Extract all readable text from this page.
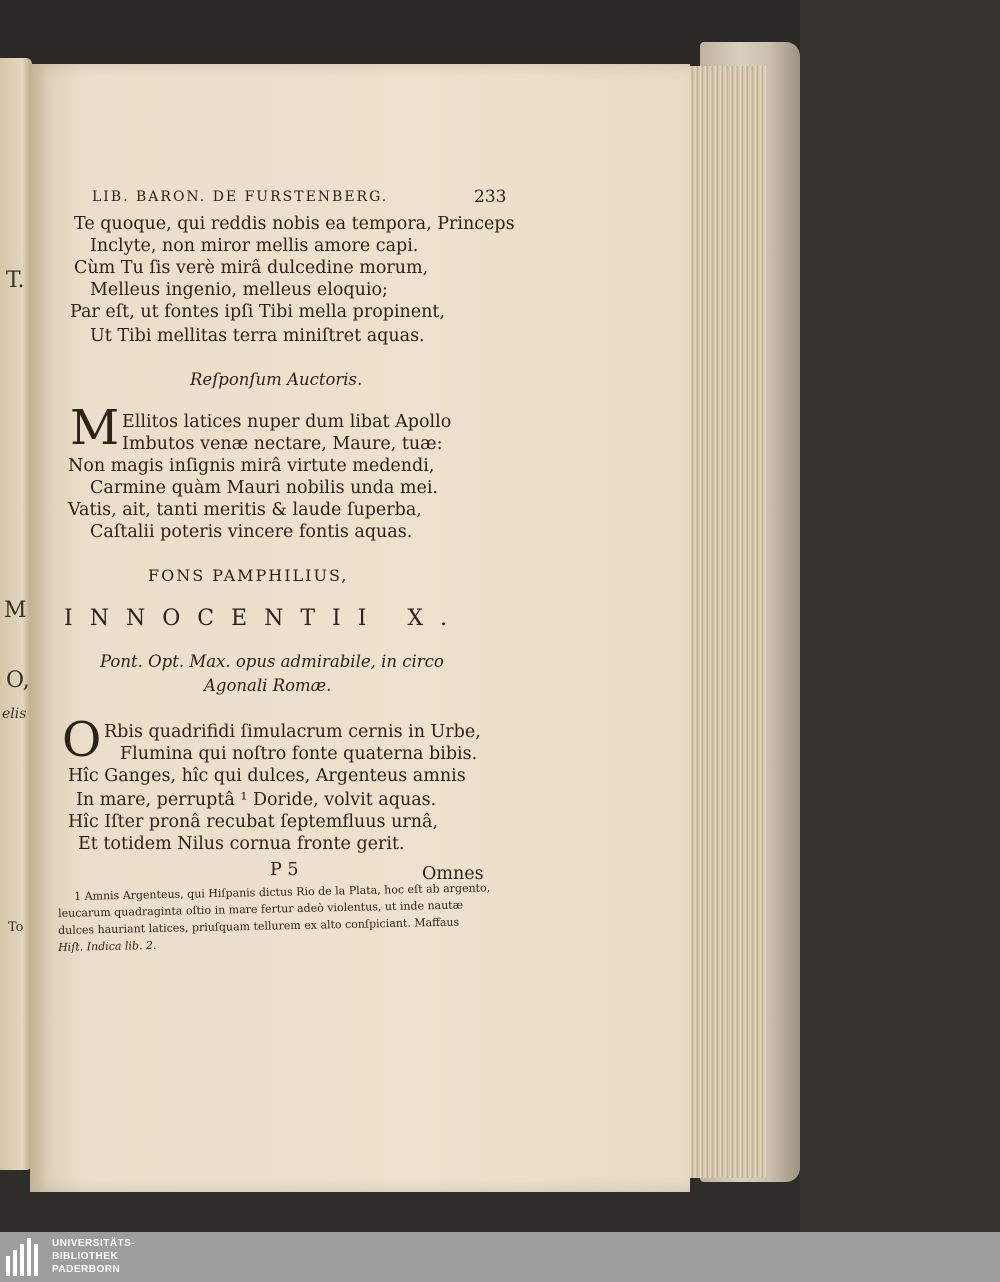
T.
M
O,
elis
To
LIB. BARON. DE FURSTENBERG.	233
Te quoque, qui reddis nobis ea tempora, Princeps
Inclyte, non miror mellis amore capi.
Cùm Tu ſis verè mirâ dulcedine morum,
Melleus ingenio, melleus eloquio;
Par eſt, ut fontes ipſi Tibi mella propinent,
Ut Tibi mellitas terra miniſtret aquas.
Reſponſum Auctoris.
M Ellitos latices nuper dum libat Apollo
Imbutos venæ nectare, Maure, tuæ:
Non magis inſignis mirâ virtute medendi,
Carmine quàm Mauri nobilis unda mei.
Vatis, ait, tanti meritis & laude ſuperba,
Caſtalii poteris vincere fontis aquas.
FONS PAMPHILIUS,
INNOCENTII X.
Pont. Opt. Max. opus admirabile, in circo
Agonali Romæ.
O Rbis quadrifidi ſimulacrum cernis in Urbe,
Flumina qui noſtro fonte quaterna bibis.
Hîc Ganges, hîc qui dulces, Argenteus amnis
In mare, perruptâ ¹ Doride, volvit aquas.
Hîc Iſter pronâ recubat ſeptemfluus urnâ,
Et totidem Nilus cornua fronte gerit.
P 5	Omnes
1 Amnis Argenteus, qui Hiſpanis dictus Rio de la Plata, hoc eſt ab argento,
leucarum quadraginta oſtio in mare fertur adeò violentus, ut inde nautæ
dulces hauriant latices, priuſquam tellurem ex alto conſpiciant. Maffaus
Hiſt. Indica lib. 2.
UNIVERSITÄTS-
BIBLIOTHEK
PADERBORN
